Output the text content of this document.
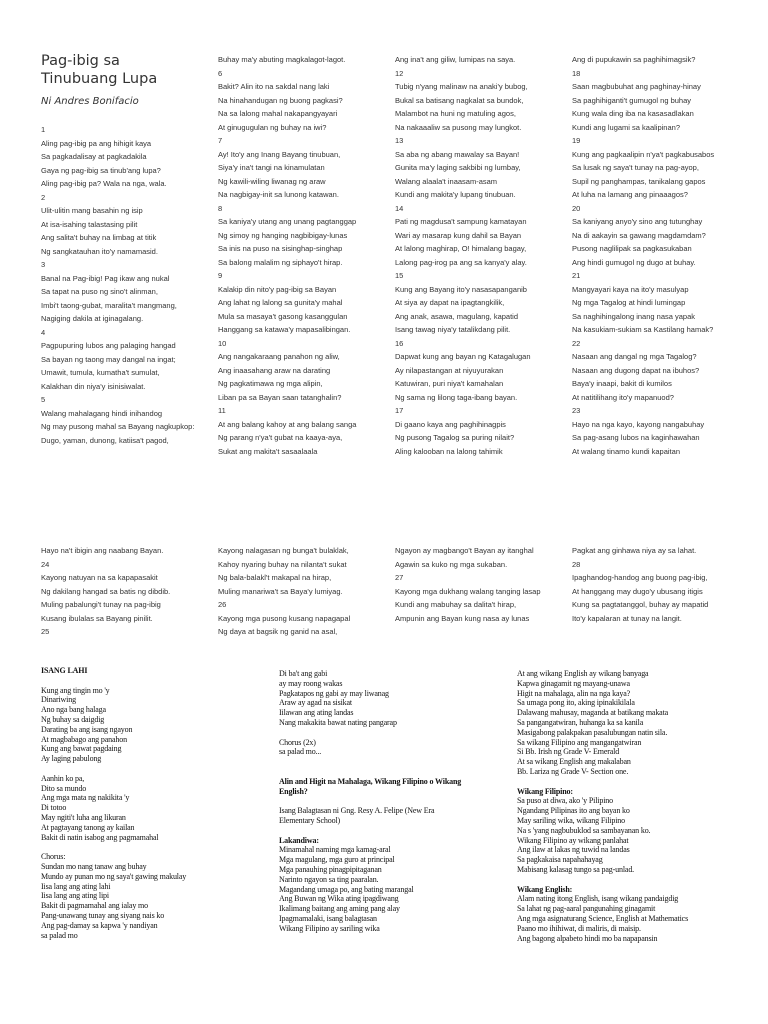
Pag-ibig sa
Tinubuang Lupa

Ni Andres Bonifacio

1
Aling pag-ibig pa ang hihigit kaya
Sa pagkadalisay at pagkadakila
Gaya ng pag-ibig sa tinub'ang lupa?
Aling pag-ibig pa? Wala na nga, wala.
2
Ulit-ulitin mang basahin ng isip
At isa-isahing talastasing pilit
Ang salita't buhay na limbag at titik
Ng sangkatauhan ito'y namamasid.
3
Banal na Pag-ibig! Pag ikaw ang nukal
Sa tapat na puso ng sino't alinman,
Imbi't taong-gubat, maralita't mangmang,
Nagiging dakila at iginagalang.
4
Pagpupuring lubos ang palaging hangad
Sa bayan ng taong may dangal na ingat;
Umawit, tumula, kumatha't sumulat,
Kalakhan din niya'y isinisiwalat.
5
Walang mahalagang hindi inihandog
Ng may pusong mahal sa Bayang nagkupkop:
Dugo, yaman, dunong, katiisa't pagod,
Buhay ma'y abuting magkalagot-lagot.
6
Bakit? Alin ito na sakdal nang laki
Na hinahandugan ng buong pagkasi?
Na sa lalong mahal nakapangyayari
At ginugugulan ng buhay na iwi?
7
Ay! Ito'y ang Inang Bayang tinubuan,
Siya'y ina't tangi na kinamulatan
Ng kawili-wiling liwanag ng araw
Na nagbigay-init sa lunong katawan.
8
Sa kaniya'y utang ang unang pagtanggap
Ng simoy ng hanging nagbibigay-lunas
Sa inis na puso na sisinghap-singhap
Sa balong malalim ng siphayo't hirap.
9
Kalakip din nito'y pag-ibig sa Bayan
Ang lahat ng lalong sa gunita'y mahal
Mula sa masaya't gasong kasanggulan
Hanggang sa katawa'y mapasalibingan.
10
Ang nangakaraang panahon ng aliw,
Ang inaasahang araw na darating
Ng pagkatimawa ng mga alipin,
Liban pa sa Bayan saan tatanghalin?
11
At ang balang kahoy at ang balang sanga
Ng parang n'ya't gubat na kaaya-aya,
Sukat ang makita't sasaalaala
Ang ina't ang giliw, lumipas na saya.
12
Tubig n'yang malinaw na anaki'y bubog,
Bukal sa batisang nagkalat sa bundok,
Malambot na huni ng matuling agos,
Na nakaaaliw sa pusong may lungkot.
13
Sa aba ng abang mawalay sa Bayan!
Gunita ma'y laging sakbibi ng lumbay,
Walang alaala't inaasam-asam
Kundi ang makita'y lupang tinubuan.
14
Pati ng magdusa't sampung kamatayan
Wari ay masarap kung dahil sa Bayan
At lalong maghirap, O! himalang bagay,
Lalong pag-irog pa ang sa kanya'y alay.
15
Kung ang Bayang ito'y nasasapanganib
At siya ay dapat na ipagtangkilik,
Ang anak, asawa, magulang, kapatid
Isang tawag niya'y tatalikdang pilit.
16
Dapwat kung ang bayan ng Katagalugan
Ay nilapastangan at niyuyurakan
Katuwiran, puri niya't kamahalan
Ng sama ng lilong taga-ibang bayan.
17
Di gaano kaya ang paghihinagpis
Ng pusong Tagalog sa puring nilait?
Aling kalooban na lalong tahimik
Ang di pupukawin sa paghihimagsik?
18
Saan magbubuhat ang paghinay-hinay
Sa paghihiganti't gumugol ng buhay
Kung wala ding iba na kasasadlakan
Kundi ang lugami sa kaalipinan?
19
Kung ang pagkaalipin n'ya't pagkabusabos
Sa lusak ng saya't tunay na pag-ayop,
Supil ng panghampas, tanikalang gapos
At luha na lamang ang pinaaagos?
20
Sa kaniyang anyo'y sino ang tutunghay
Na di aakayin sa gawang magdamdam?
Pusong naglilipak sa pagkasukaban
Ang hindi gumugol ng dugo at buhay.
21
Mangyayari kaya na ito'y masulyap
Ng mga Tagalog at hindi lumingap
Sa naghihingalong inang nasa yapak
Na kasukiam-sukiam sa Kastilang hamak?
22
Nasaan ang dangal ng mga Tagalog?
Nasaan ang dugong dapat na ibuhos?
Baya'y inaapi, bakit di kumilos
At natitilihang ito'y mapanuod?
23
Hayo na nga kayo, kayong nangabuhay
Sa pag-asang lubos na kaginhawahan
At walang tinamo kundi kapaitan
Hayo na't ibigin ang naabang Bayan.
24
Kayong natuyan na sa kapapasakit
Ng dakilang hangad sa batis ng dibdib.
Muling pabalungi't tunay na pag-ibig
Kusang ibulalas sa Bayang pinilit.
25
Kayong nalagasan ng bunga't bulaklak,
Kahoy nyaring buhay na nilanta't sukat
Ng bala-balakl't makapal na hirap,
Muling manariwa't sa Baya'y lumiyag.
26
Kayong mga pusong kusang napagapal
Ng daya at bagsik ng ganid na asal,
Ngayon ay magbango't Bayan ay itanghal
Agawin sa kuko ng mga sukaban.
27
Kayong mga dukhang walang tanging lasap
Kundi ang mabuhay sa dalita't hirap,
Ampunin ang Bayan kung nasa ay lunas
Pagkat ang ginhawa niya ay sa lahat.
28
Ipaghandog-handog ang buong pag-ibig,
At hanggang may dugo'y ubusang itigis
Kung sa pagtatanggol, buhay ay mapatid
Ito'y kapalaran at tunay na langit.
ISANG LAHI
Kung ang tingin mo 'y
Dinariwing
Ano nga bang halaga
Ng buhay sa daigdig
Darating ba ang isang ngayon
At magbabago ang panahon
Kung ang bawat pagdaing
Ay laging pabulong
Aanhin ko pa,
Dito sa mundo
Ang mga mata ng nakikita 'y
Di totoo
May ngiti't luha ang likuran
At pagtayang tanong ay kailan
Bakit di natin isabog ang pagmamahal
Chorus:
Sundan mo nang tanaw ang buhay
Mundo ay punan mo ng saya't gawing makulay
Iisa lang ang ating lahi
Iisa lang ang ating lipi
Bakit di pagmamahal ang ialay mo
Pang-unawang tunay ang siyang nais ko
Ang pag-damay sa kapwa 'y nandiyan
sa palad mo
Di ba't ang gabi
ay may roong wakas
Pagkatapos ng gabi ay may liwanag
Araw ay agad na sisikat
Iilawan ang ating landas
Nang makakita bawat nating pangarap
Chorus (2x)
sa palad mo...
Alin and Higit na Mahalaga, Wikang Filipino o Wikang English?
Isang Balagtasan ni Gng. Resy A. Felipe (New Era Elementary School)
Lakandiwa:
Minamahal naming mga kamag-aral
Mga magulang, mga guro at principal
Mga panauhing pinagpipitaganan
Narinto ngayon sa ting paaralan.
Magandang umaga po, ang bating marangal
Ang Buwan ng Wika ating ipagdiwang
Ikalimang baitang ang aming pang alay
Ipagmamalaki, isang balagtasan
Wikang Filipino ay sariling wika
At ang wikang English ay wikang banyaga
Kapwa ginagamit ng mayang-unawa
Higit na mahalaga, alin na nga kaya?
Sa umaga pong ito, aking ipinakikilala
Dalawang mahusay, maganda at batikang makata
Sa pangangatwiran, huhanga ka sa kanila
Masigabong palakpakan pasalubungan natin sila.
Sa wikang Filipino ang mangangatwiran
Si Bb. Irish ng Grade V- Emerald
At sa wikang English ang makalaban
Bb. Lariza ng Grade V- Section one.
Wikang Filipino:
Sa puso at diwa, ako 'y Pilipino
Ngandang Pilipinas ito ang bayan ko
May sariling wika, wikang Filipino
Na s 'yang nagbubuklod sa sambayanan ko.
Wikang Filipino ay wikang panlahat
Ang ilaw at lakas ng tuwid na landas
Sa pagkakaisa napahahayag
Mabisang kalasag tungo sa pag-unlad.
Wikang English:
Alam nating itong English, isang wikang pandaigdig
Sa lahat ng pag-aaral pangunahing ginagamit
Ang mga asignaturang Science, English at Mathematics
Paano mo ihihiwat, di maliris, di maisip.
Ang bagong alpabeto hindi mo ba napapansin
